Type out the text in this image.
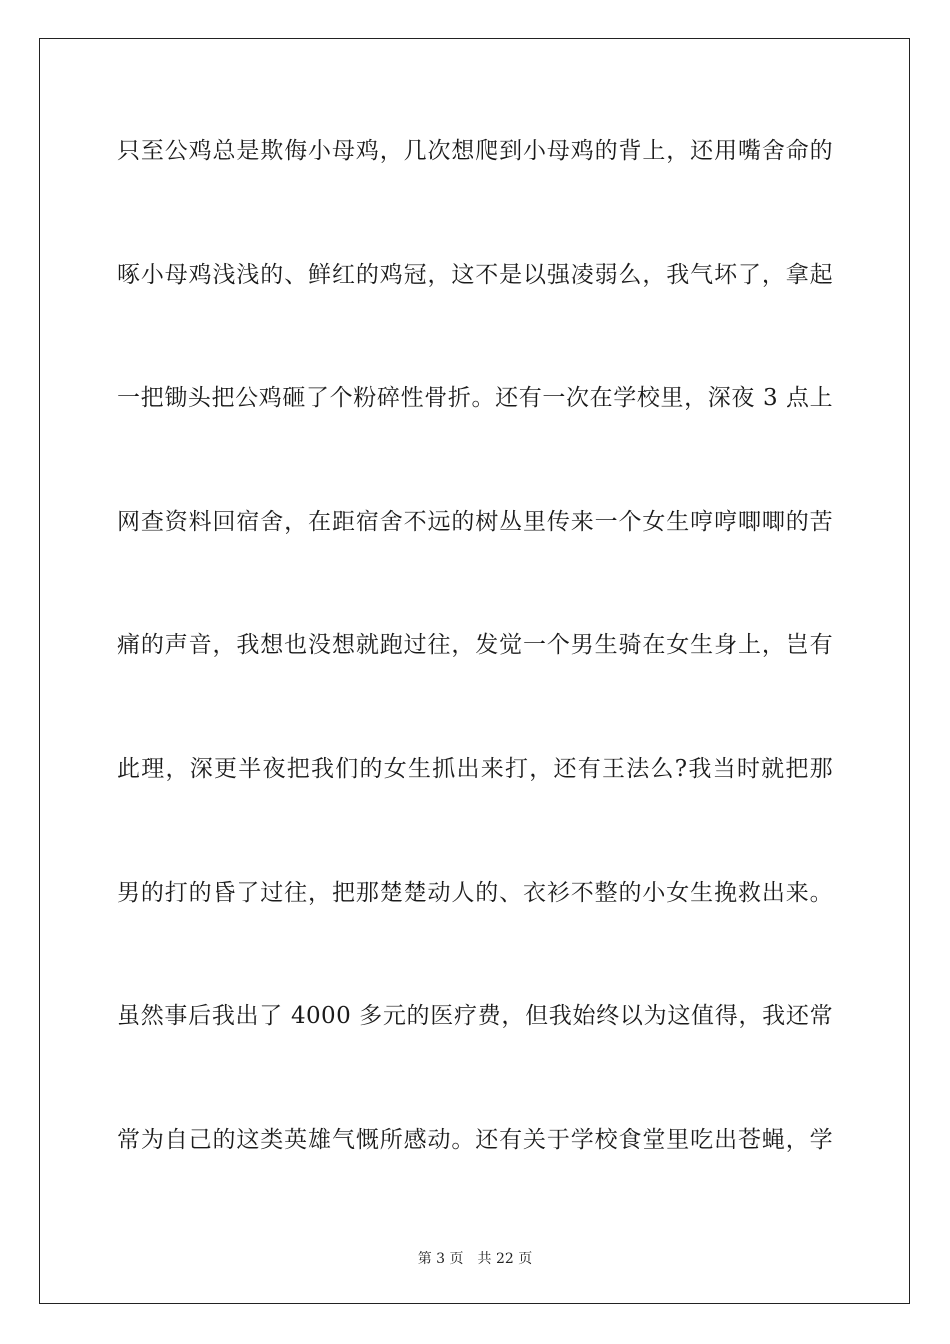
只至公鸡总是欺侮小母鸡，几次想爬到小母鸡的背上，还用嘴舍命的
啄小母鸡浅浅的、鲜红的鸡冠，这不是以强凌弱么，我气坏了，拿起
一把锄头把公鸡砸了个粉碎性骨折。还有一次在学校里，深夜 3 点上
网查资料回宿舍，在距宿舍不远的树丛里传来一个女生哼哼唧唧的苦
痛的声音，我想也没想就跑过往，发觉一个男生骑在女生身上，岂有
此理，深更半夜把我们的女生抓出来打，还有王法么?我当时就把那
男的打的昏了过往，把那楚楚动人的、衣衫不整的小女生挽救出来。
虽然事后我出了 4000 多元的医疗费，但我始终以为这值得，我还常
常为自己的这类英雄气慨所感动。还有关于学校食堂里吃出苍蝇，学
第 3 页 共 22 页
